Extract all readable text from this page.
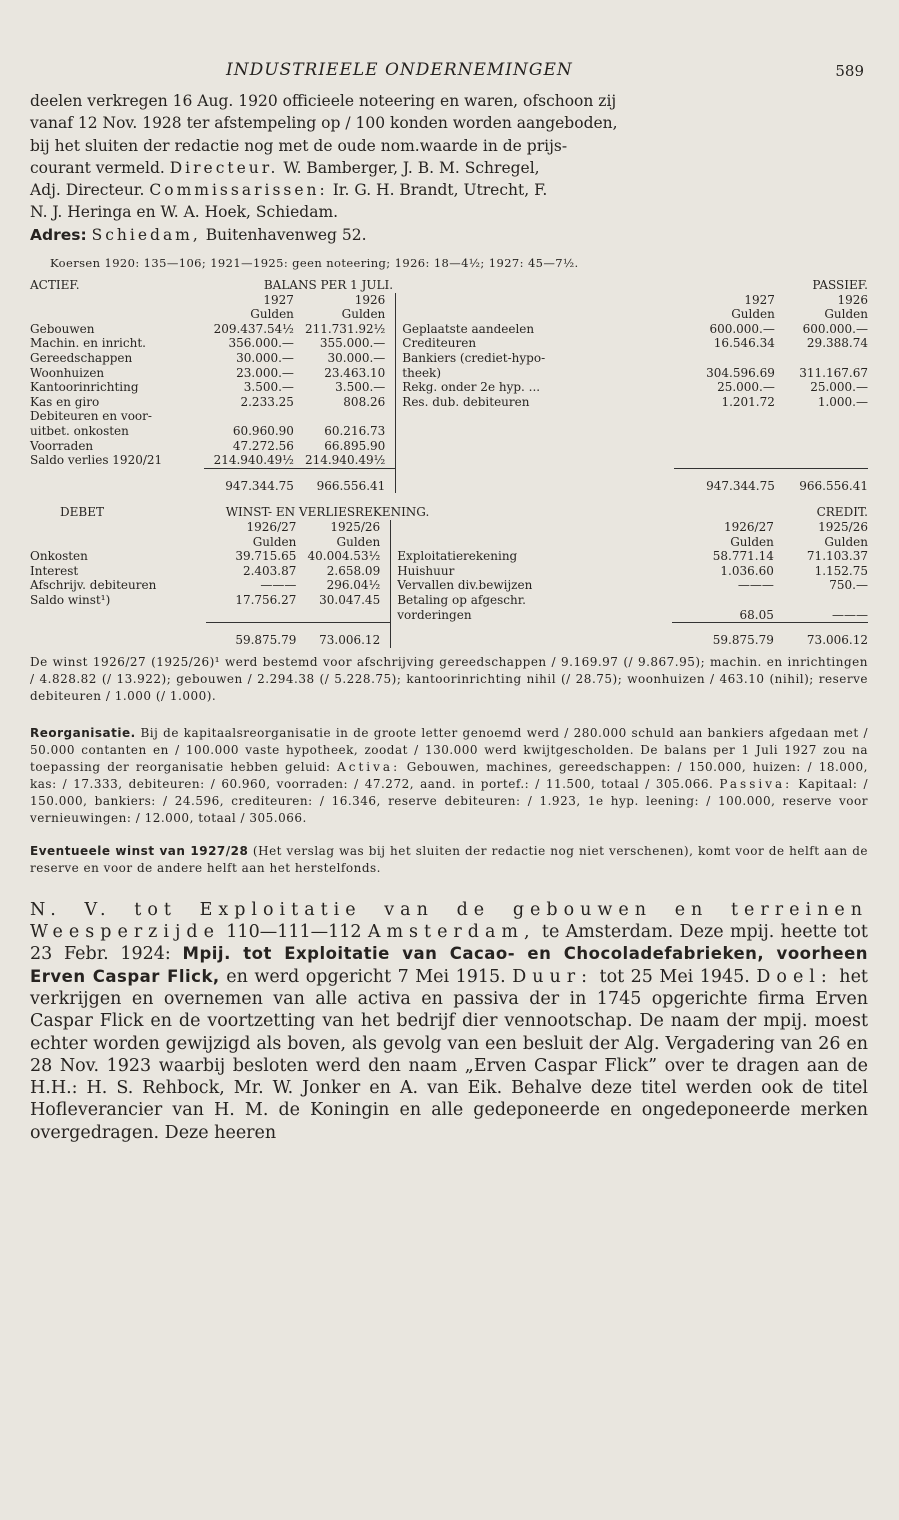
INDUSTRIEELE ONDERNEMINGEN	589

deelen verkregen 16 Aug. 1920 officieele noteering en waren, ofschoon zij

vanaf 12 Nov. 1928 ter afstempeling op / 100 konden worden aangeboden,

bij het sluiten der redactie nog met de oude nom.waarde in de prijs-

courant vermeld. Directeur. W. Bamberger, J. B. M. Schregel,

Adj. Directeur. Commissarissen: Ir. G. H. Brandt, Utrecht, F.

N. J. Heringa en W. A. Hoek, Schiedam.

Adres: Schiedam, Buitenhavenweg 52.

Koersen 1920: 135—106; 1921—1925: geen noteering; 1926: 18—4½; 1927: 45—7½.
ACTIEF.	BALANS PER 1 JULI.			PASSIEF.	
	1927	1926		1927	1926
	Gulden	Gulden		Gulden	Gulden
Gebouwen	209.437.54½	211.731.92½	Geplaatste aandeelen	600.000.—	600.000.—
Machin. en inricht.	356.000.—	355.000.—	Crediteuren	16.546.34	29.388.74
Gereedschappen	30.000.—	30.000.—	Bankiers (crediet-hypo-		
Woonhuizen	23.000.—	23.463.10	theek)	304.596.69	311.167.67
Kantoorinrichting	3.500.—	3.500.—	Rekg. onder 2e hyp. ...	25.000.—	25.000.—
Kas en giro	2.233.25	808.26	Res. dub. debiteuren	1.201.72	1.000.—
Debiteuren en voor-					
uitbet. onkosten	60.960.90	60.216.73			
Voorraden	47.272.56	66.895.90			
Saldo verlies 1920/21	214.940.49½	214.940.49½			
	947.344.75	966.556.41		947.344.75	966.556.41
DEBET	WINST- EN VERLIESREKENING.			CREDIT.	
	1926/27	1925/26		1926/27	1925/26
	Gulden	Gulden		Gulden	Gulden
Onkosten	39.715.65	40.004.53½	Exploitatierekening	58.771.14	71.103.37
Interest	2.403.87	2.658.09	Huishuur	1.036.60	1.152.75
Afschrijv. debiteuren	———	296.04½	Vervallen div.bewijzen	———	750.—
Saldo winst¹)	17.756.27	30.047.45	Betaling op afgeschr.		
			vorderingen	68.05	———
	59.875.79	73.006.12		59.875.79	73.006.12

De winst 1926/27 (1925/26)¹ werd bestemd voor afschrijving gereedschappen / 9.169.97 (/ 9.867.95); machin. en inrichtingen / 4.828.82 (/ 13.922); gebouwen / 2.294.38 (/ 5.228.75); kantoorinrichting nihil (/ 28.75); woonhuizen / 463.10 (nihil); reserve debiteuren / 1.000 (/ 1.000).

Reorganisatie. Bij de kapitaalsreorganisatie in de groote letter genoemd werd / 280.000 schuld aan bankiers afgedaan met / 50.000 contanten en / 100.000 vaste hypotheek, zoodat / 130.000 werd kwijtgescholden. De balans per 1 Juli 1927 zou na toepassing der reorganisatie hebben geluid: Activa: Gebouwen, machines, gereedschappen: / 150.000, huizen: / 18.000, kas: / 17.333, debiteuren: / 60.960, voorraden: / 47.272, aand. in portef.: / 11.500, totaal / 305.066. Passiva: Kapitaal: / 150.000, bankiers: / 24.596, crediteuren: / 16.346, reserve debiteuren: / 1.923, 1e hyp. leening: / 100.000, reserve voor vernieuwingen: / 12.000, totaal / 305.066.

Eventueele winst van 1927/28 (Het verslag was bij het sluiten der redactie nog niet verschenen), komt voor de helft aan de reserve en voor de andere helft aan het herstelfonds.

N. V. tot Exploitatie van de gebouwen en terreinen Weesperzijde 110—111—112 Amsterdam, te Amsterdam. Deze mpij. heette tot 23 Febr. 1924: Mpij. tot Exploitatie van Cacao- en Chocoladefabrieken, voorheen Erven Caspar Flick, en werd opgericht 7 Mei 1915. Duur: tot 25 Mei 1945. Doel: het verkrijgen en overnemen van alle activa en passiva der in 1745 opgerichte firma Erven Caspar Flick en de voortzetting van het bedrijf dier vennootschap. De naam der mpij. moest echter worden gewijzigd als boven, als gevolg van een besluit der Alg. Vergadering van 26 en 28 Nov. 1923 waarbij besloten werd den naam „Erven Caspar Flick” over te dragen aan de H.H.: H. S. Rehbock, Mr. W. Jonker en A. van Eik. Behalve deze titel werden ook de titel Hofleverancier van H. M. de Koningin en alle gedeponeerde en ongedeponeerde merken overgedragen. Deze heeren
